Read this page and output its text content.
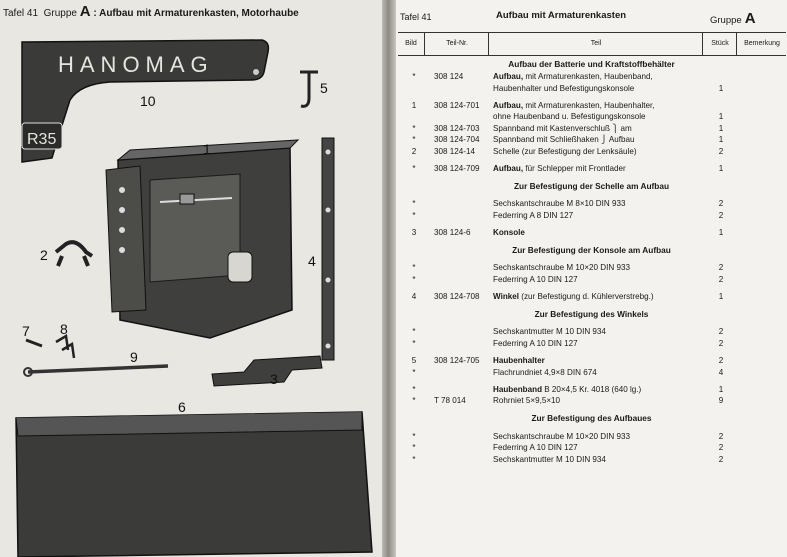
Tafel 41 Gruppe A : Aufbau mit Armaturenkasten, Motorhaube
HANOMAG
R35
1
2
3
4
5
6
7 8
9
10
Tafel 41	Aufbau mit Armaturenkasten	Gruppe A
Bild	Teil-Nr.	Teil	Stück	Bemerkung
Aufbau der Batterie und Kraftstoffbehälter
*	308 124	Aufbau, mit Armaturenkasten, Haubenband,
Haubenhalter und Befestigungskonsole	1
1	308 124-701 Aufbau, mit Armaturenkasten, Haubenhalter,
ohne Haubenband u. Befestigungskonsole	1
*	308 124-703 Spannband mit Kastenverschluß ⎫ am	1
*	308 124-704 Spannband mit Schließhaken ⎭ Aufbau	1
2	308 124-14 Schelle (zur Befestigung der Lenksäule)	2
*	308 124-709 Aufbau, für Schlepper mit Frontlader	1
Zur Befestigung der Schelle am Aufbau
*	Sechskantschraube M 8×10 DIN 933	2
*	Federring A 8 DIN 127	2
3	308 124-6	Konsole	1
Zur Befestigung der Konsole am Aufbau
*	Sechskantschraube M 10×20 DIN 933	2
*	Federring A 10 DIN 127	2
4	308 124-708 Winkel (zur Befestigung d. Kühlerverstrebg.)	1
Zur Befestigung des Winkels
*	Sechskantmutter M 10 DIN 934	2
*	Federring A 10 DIN 127	2
5	308 124-705 Haubenhalter	2
*	Flachrundniet 4,9×8 DIN 674	4
*	Haubenband B 20×4,5 Kr. 4018 (640 lg.)	1
*	T 78 014	Rohrniet 5×9,5×10	9
Zur Befestigung des Aufbaues
*	Sechskantschraube M 10×20 DIN 933	2
*	Federring A 10 DIN 127	2
*	Sechskantmutter M 10 DIN 934	2
